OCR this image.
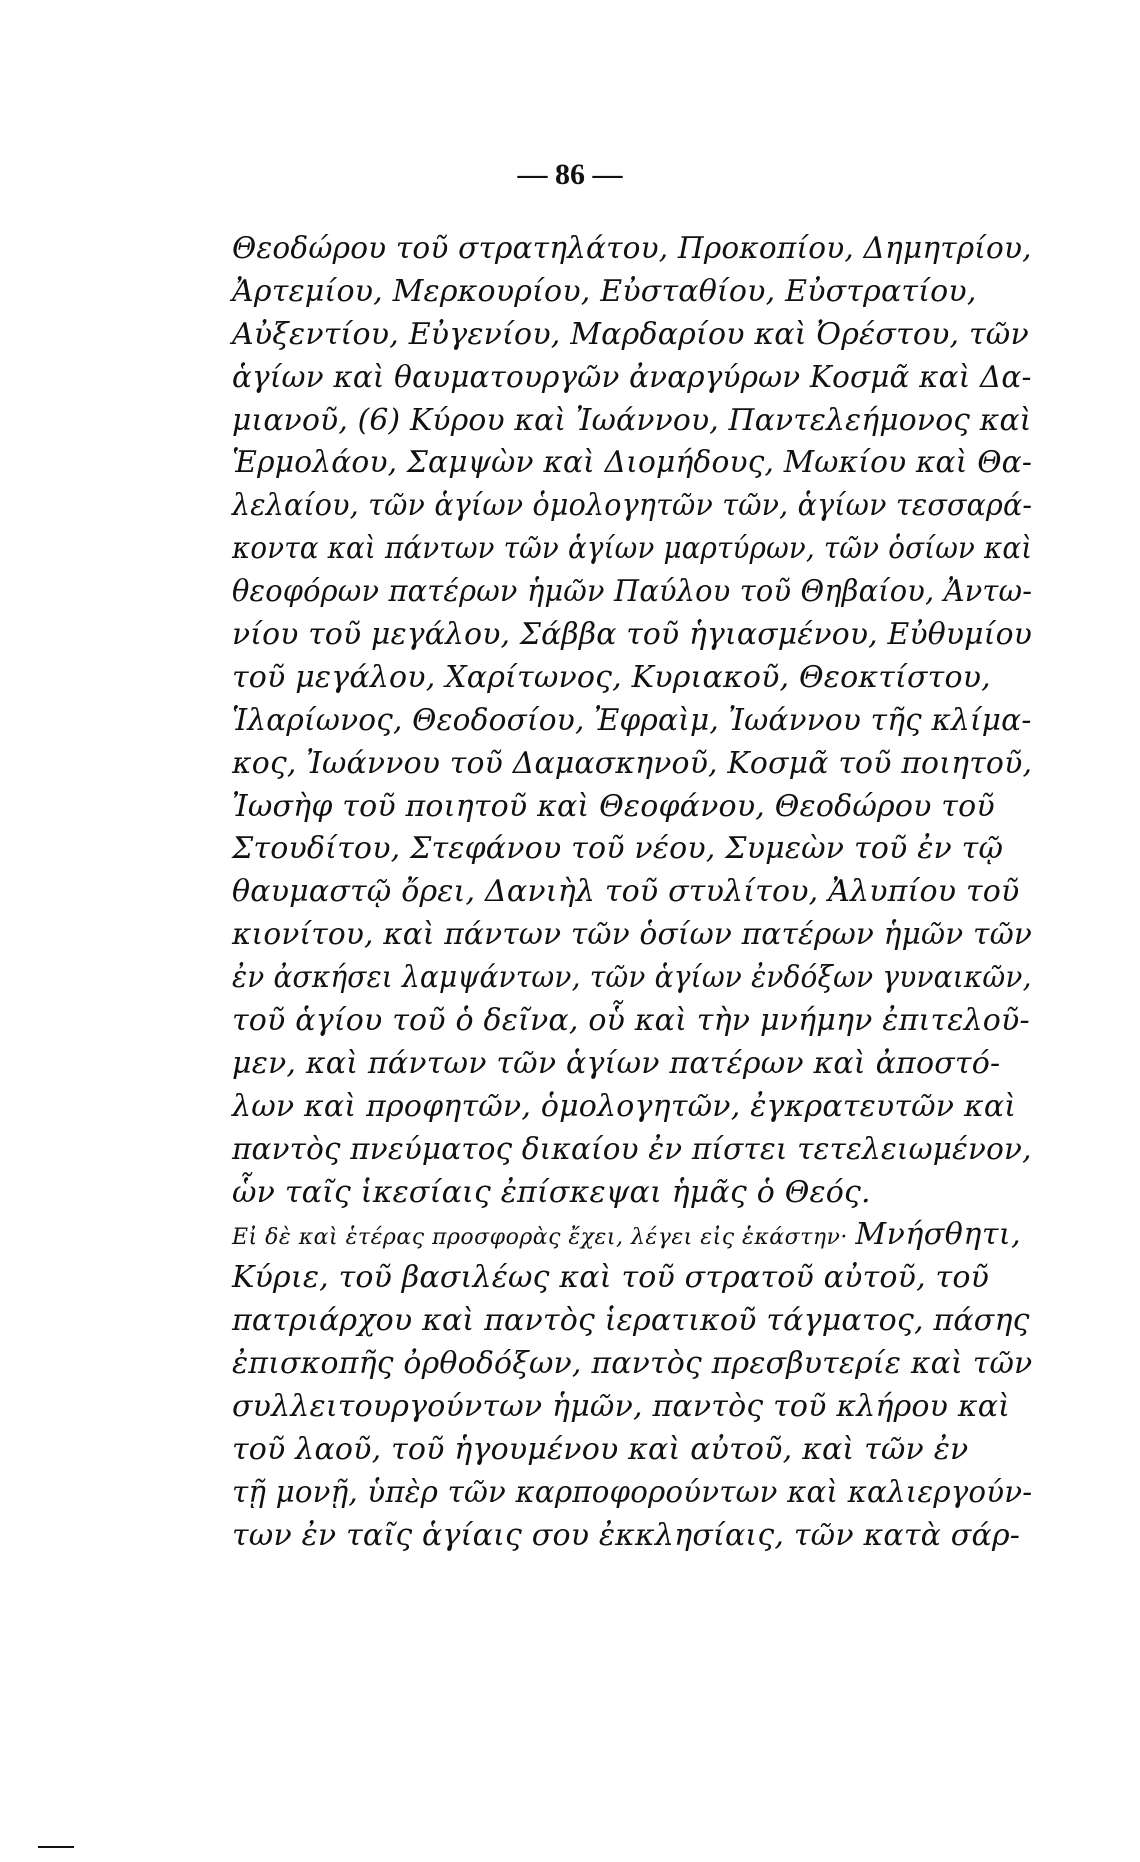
— 86 —
Θεοδώρου τοῦ στρατηλάτου, Προκοπίου, Δημητρίου,
Ἀρτεμίου, Μερκουρίου, Εὐσταθίου, Εὐστρατίου,
Αὐξεντίου, Εὐγενίου, Μαρδαρίου καὶ Ὀρέστου, τῶν
ἁγίων καὶ θαυματουργῶν ἀναργύρων Κοσμᾶ καὶ Δα-
μιανοῦ, (6) Κύρου καὶ Ἰωάννου, Παντελεήμονος καὶ
Ἑρμολάου, Σαμψὼν καὶ Διομήδους, Μωκίου καὶ Θα-
λελαίου, τῶν ἁγίων ὁμολογητῶν τῶν, ἁγίων τεσσαρά-
κοντα καὶ πάντων τῶν ἁγίων μαρτύρων, τῶν ὁσίων καὶ
θεοφόρων πατέρων ἡμῶν Παύλου τοῦ Θηβαίου, Ἀντω-
νίου τοῦ μεγάλου, Σάββα τοῦ ἡγιασμένου, Εὐθυμίου
τοῦ μεγάλου, Χαρίτωνος, Κυριακοῦ, Θεοκτίστου,
Ἱλαρίωνος, Θεοδοσίου, Ἐφραὶμ, Ἰωάννου τῆς κλίμα-
κος, Ἰωάννου τοῦ Δαμασκηνοῦ, Κοσμᾶ τοῦ ποιητοῦ,
Ἰωσὴφ τοῦ ποιητοῦ καὶ Θεοφάνου, Θεοδώρου τοῦ
Στουδίτου, Στεφάνου τοῦ νέου, Συμεὼν τοῦ ἐν τῷ
θαυμαστῷ ὄρει, Δανιὴλ τοῦ στυλίτου, Ἀλυπίου τοῦ
κιονίτου, καὶ πάντων τῶν ὁσίων πατέρων ἡμῶν τῶν
ἐν ἀσκήσει λαμψάντων, τῶν ἁγίων ἐνδόξων γυναικῶν,
τοῦ ἁγίου τοῦ ὁ δεῖνα, οὗ καὶ τὴν μνήμην ἐπιτελοῦ-
μεν, καὶ πάντων τῶν ἁγίων πατέρων καὶ ἀποστό-
λων καὶ προφητῶν, ὁμολογητῶν, ἐγκρατευτῶν καὶ
παντὸς πνεύματος δικαίου ἐν πίστει τετελειωμένον,
ὧν ταῖς ἱκεσίαις ἐπίσκεψαι ἡμᾶς ὁ Θεός.
Εἰ δὲ καὶ ἑτέρας προσφορὰς ἔχει, λέγει εἰς ἑκάστην· Μνήσθητι,
Κύριε, τοῦ βασιλέως καὶ τοῦ στρατοῦ αὐτοῦ, τοῦ
πατριάρχου καὶ παντὸς ἱερατικοῦ τάγματος, πάσης
ἐπισκοπῆς ὀρθοδόξων, παντὸς πρεσβυτερίε καὶ τῶν
συλλειτουργούντων ἡμῶν, παντὸς τοῦ κλήρου καὶ
τοῦ λαοῦ, τοῦ ἡγουμένου καὶ αὐτοῦ, καὶ τῶν ἐν
τῇ μονῇ, ὑπὲρ τῶν καρποφορούντων καὶ καλιεργούν-
των ἐν ταῖς ἁγίαις σου ἐκκλησίαις, τῶν κατὰ σάρ-
